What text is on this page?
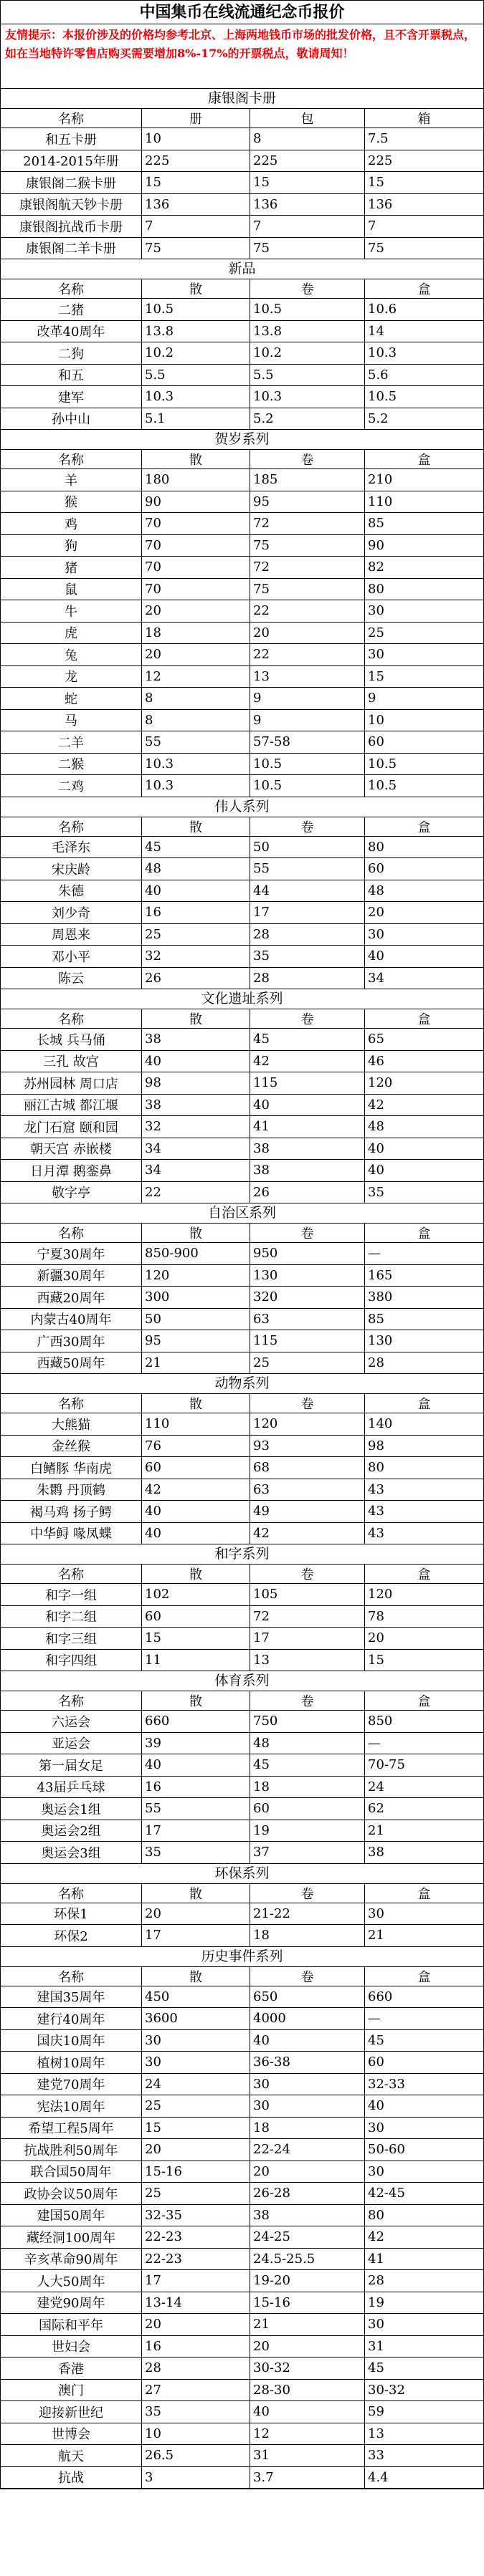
中国集币在线流通纪念币报价
友情提示：本报价涉及的价格均参考北京、上海两地钱币市场的批发价格，且不含开票税点，如在当地特许零售店购买需要增加8%-17%的开票税点，敬请周知！
康银阁卡册
名称	册	包	箱
和五卡册	10	8	7.5
2014-2015年册	225	225	225
康银阁二猴卡册	15	15	15
康银阁航天钞卡册	136	136	136
康银阁抗战币卡册	7	7	7
康银阁二羊卡册	75	75	75
新品
名称	散	卷	盒
二猪	10.5	10.5	10.6
改革40周年	13.8	13.8	14
二狗	10.2	10.2	10.3
和五	5.5	5.5	5.6
建军	10.3	10.3	10.5
孙中山	5.1	5.2	5.2
贺岁系列
名称	散	卷	盒
羊	180	185	210
猴	90	95	110
鸡	70	72	85
狗	70	75	90
猪	70	72	82
鼠	70	75	80
牛	20	22	30
虎	18	20	25
兔	20	22	30
龙	12	13	15
蛇	8	9	9
马	8	9	10
二羊	55	57-58	60
二猴	10.3	10.5	10.5
二鸡	10.3	10.5	10.5
伟人系列
名称	散	卷	盒
毛泽东	45	50	80
宋庆龄	48	55	60
朱德	40	44	48
刘少奇	16	17	20
周恩来	25	28	30
邓小平	32	35	40
陈云	26	28	34
文化遗址系列
名称	散	卷	盒
长城 兵马俑	38	45	65
三孔 故宫	40	42	46
苏州园林 周口店	98	115	120
丽江古城 都江堰	38	40	42
龙门石窟 颐和园	32	41	48
朝天宫 赤嵌楼	34	38	40
日月潭 鹅銮鼻	34	38	40
敬字亭	22	26	35
自治区系列
名称	散	卷	盒
宁夏30周年	850-900	950	—
新疆30周年	120	130	165
西藏20周年	300	320	380
内蒙古40周年	50	63	85
广西30周年	95	115	130
西藏50周年	21	25	28
动物系列
名称	散	卷	盒
大熊猫	110	120	140
金丝猴	76	93	98
白鳍豚 华南虎	60	68	80
朱鹮 丹顶鹤	42	63	43
褐马鸡 扬子鳄	40	49	43
中华鲟 喙凤蝶	40	42	43
和字系列
名称	散	卷	盒
和字一组	102	105	120
和字二组	60	72	78
和字三组	15	17	20
和字四组	11	13	15
体育系列
名称	散	卷	盒
六运会	660	750	850
亚运会	39	48	—
第一届女足	40	45	70-75
43届乒乓球	16	18	24
奥运会1组	55	60	62
奥运会2组	17	19	21
奥运会3组	35	37	38
环保系列
名称	散	卷	盒
环保1	20	21-22	30
环保2	17	18	21
历史事件系列
名称	散	卷	盒
建国35周年	450	650	660
建行40周年	3600	4000	—
国庆10周年	30	40	45
植树10周年	30	36-38	60
建党70周年	24	30	32-33
宪法10周年	25	30	40
希望工程5周年	15	18	30
抗战胜利50周年	20	22-24	50-60
联合国50周年	15-16	20	30
政协会议50周年	25	26-28	42-45
建国50周年	32-35	38	80
藏经洞100周年	22-23	24-25	42
辛亥革命90周年	22-23	24.5-25.5	41
人大50周年	17	19-20	28
建党90周年	13-14	15-16	19
国际和平年	20	21	30
世妇会	16	20	31
香港	28	30-32	45
澳门	27	28-30	30-32
迎接新世纪	35	40	59
世博会	10	12	13
航天	26.5	31	33
抗战	3	3.7	4.4
